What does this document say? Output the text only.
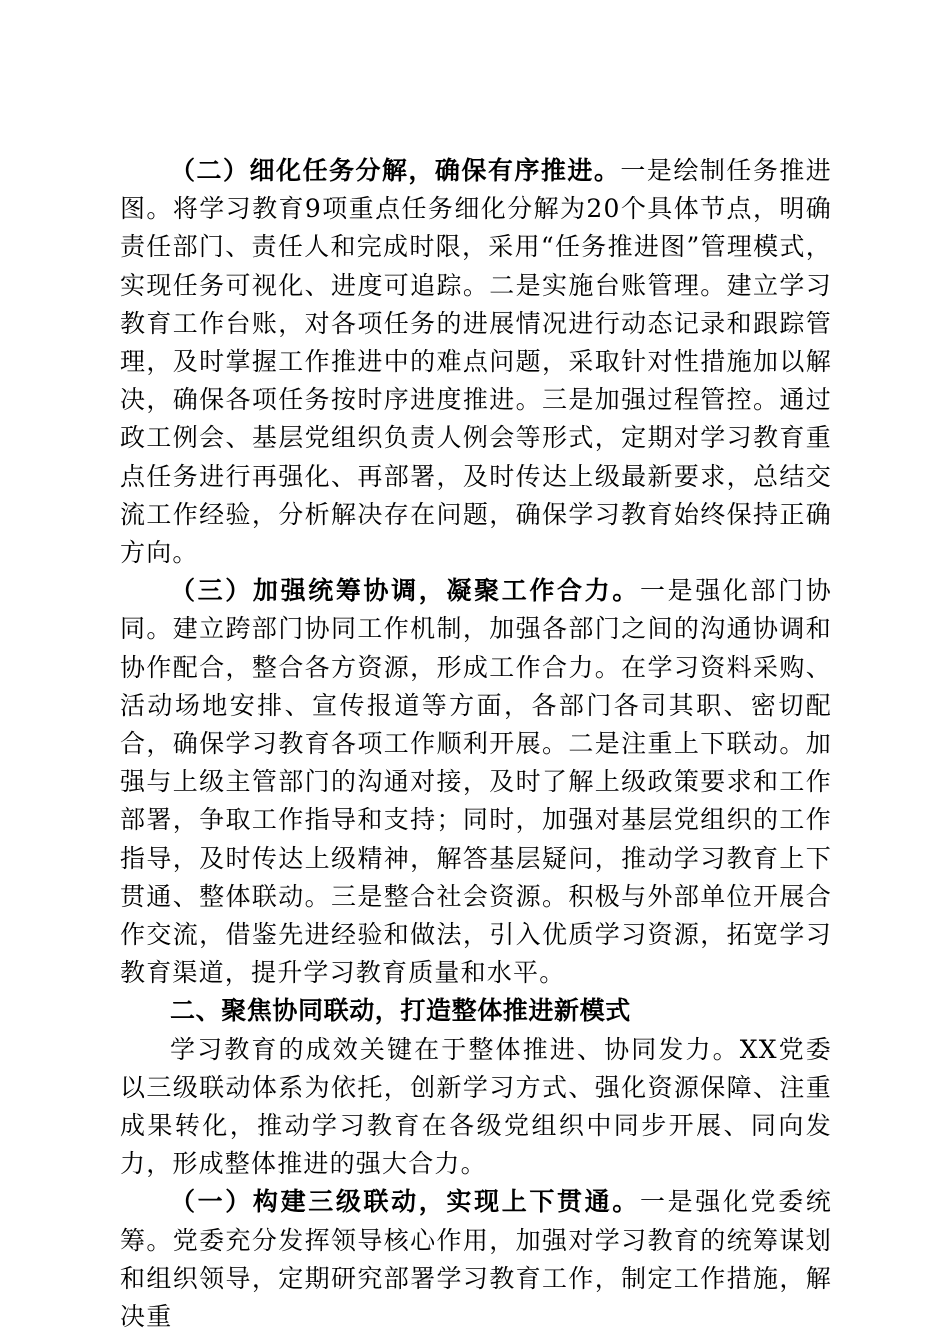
（二）细化任务分解，确保有序推进。一是绘制任务推进图。将学习教育9项重点任务细化分解为20个具体节点，明确责任部门、责任人和完成时限，采用“任务推进图”管理模式，实现任务可视化、进度可追踪。二是实施台账管理。建立学习教育工作台账，对各项任务的进展情况进行动态记录和跟踪管理，及时掌握工作推进中的难点问题，采取针对性措施加以解决，确保各项任务按时序进度推进。三是加强过程管控。通过政工例会、基层党组织负责人例会等形式，定期对学习教育重点任务进行再强化、再部署，及时传达上级最新要求，总结交流工作经验，分析解决存在问题，确保学习教育始终保持正确方向。

（三）加强统筹协调，凝聚工作合力。一是强化部门协同。建立跨部门协同工作机制，加强各部门之间的沟通协调和协作配合，整合各方资源，形成工作合力。在学习资料采购、活动场地安排、宣传报道等方面，各部门各司其职、密切配合，确保学习教育各项工作顺利开展。二是注重上下联动。加强与上级主管部门的沟通对接，及时了解上级政策要求和工作部署，争取工作指导和支持；同时，加强对基层党组织的工作指导，及时传达上级精神，解答基层疑问，推动学习教育上下贯通、整体联动。三是整合社会资源。积极与外部单位开展合作交流，借鉴先进经验和做法，引入优质学习资源，拓宽学习教育渠道，提升学习教育质量和水平。

二、聚焦协同联动，打造整体推进新模式

学习教育的成效关键在于整体推进、协同发力。XX党委以三级联动体系为依托，创新学习方式、强化资源保障、注重成果转化，推动学习教育在各级党组织中同步开展、同向发力，形成整体推进的强大合力。

（一）构建三级联动，实现上下贯通。一是强化党委统筹。党委充分发挥领导核心作用，加强对学习教育的统筹谋划和组织领导，定期研究部署学习教育工作，制定工作措施，解决重
